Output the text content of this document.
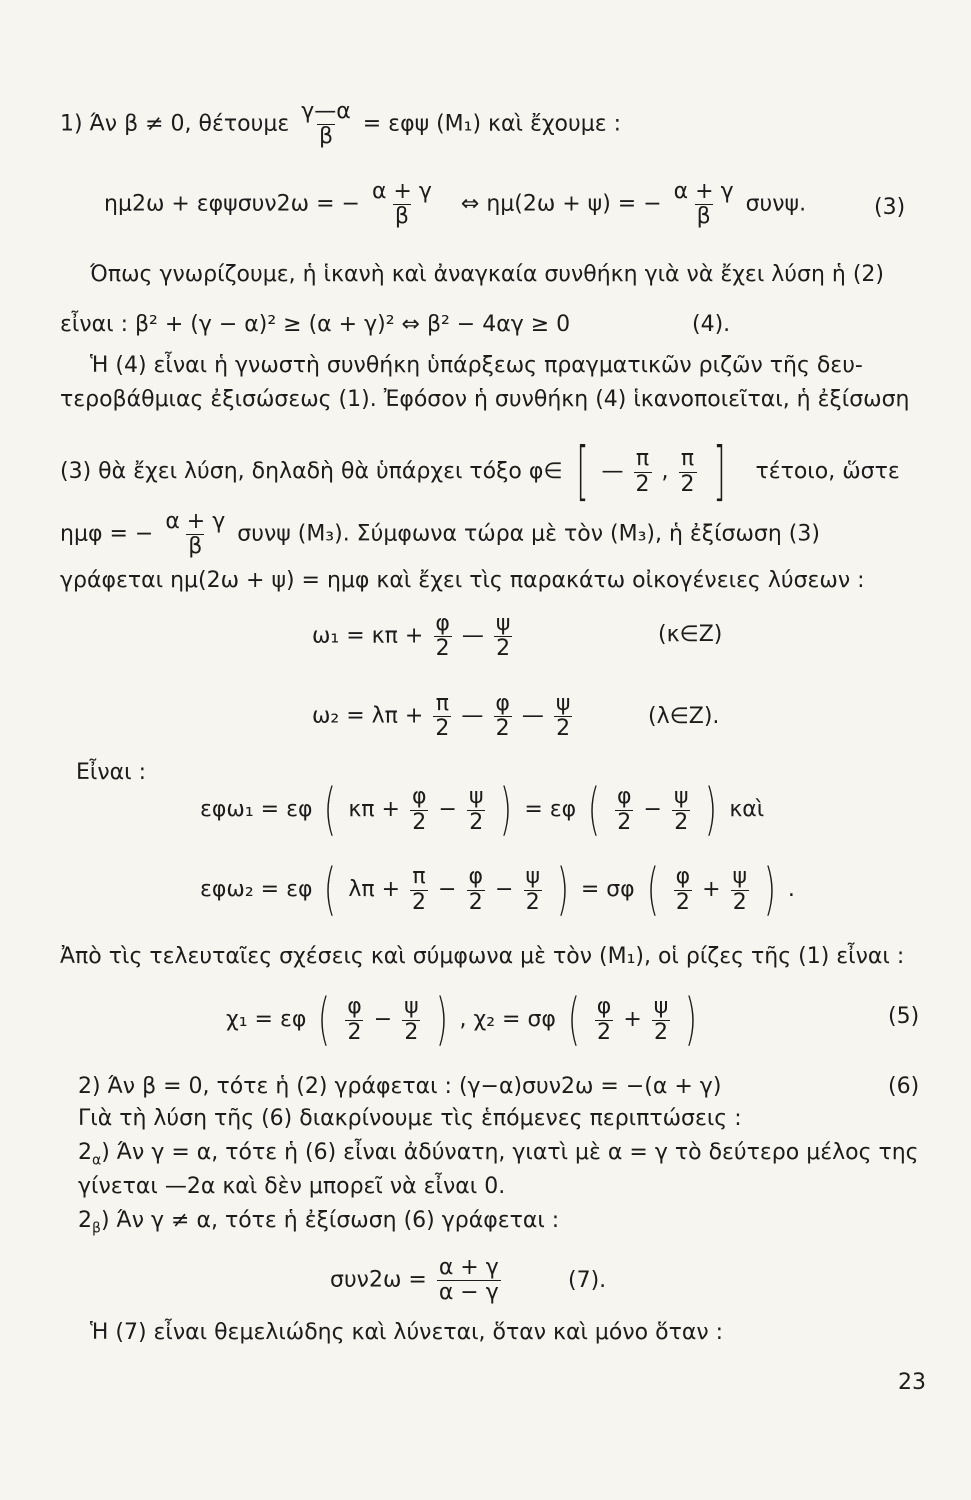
1) Άν β ≠ 0, θέτουμε $\frac{\gamma—\alpha}{\beta} = \varepsilon\varphi\psi$ (M₁) καὶ ἔχουμε :
ημ2ω + εφψσυν2ω = − $\frac{\alpha + \gamma}{\beta}$ ⇔ ημ(2ω + ψ) = − $\frac{\alpha + \gamma}{\beta} \sigma\upsilon\nu\psi$.	(3)
Όπως γνωρίζουμε, ἡ ἱκανὴ καὶ ἀναγκαία συνθήκη γιὰ νὰ ἔχει λύση ἡ (2)
εἶναι : β² + (γ − α)² ≥ (α + γ)² ⇔ β² − 4αγ ≥ 0	(4).
Ἡ (4) εἶναι ἡ γνωστὴ συνθήκη ὑπάρξεως πραγματικῶν ριζῶν τῆς δευ-
τεροβάθμιας ἐξισώσεως (1). Ἐφόσον ἡ συνθήκη (4) ἱκανοποιεῖται, ἡ ἐξίσωση
(3) θὰ ἔχει λύση, δηλαδὴ θὰ ὑπάρχει τόξο φ∈ [ — $\frac{\pi}{2}$ , $\frac{\pi}{2}$ ] τέτοιο, ὥστε
ημφ = − $\frac{\alpha + \gamma}{\beta}$ συνψ (M₃). Σύμφωνα τώρα μὲ τὸν (M₃), ἡ ἐξίσωση (3)
γράφεται ημ(2ω + ψ) = ημφ καὶ ἔχει τὶς παρακάτω οἰκογένειες λύσεων :
$\omega_1 = \kappa\pi + \frac{\varphi}{2}$ — $\frac{\psi}{2}$	(κ∈Z)
$\omega_2 = \lambda\pi + \frac{\pi}{2}$ — $\frac{\varphi}{2}$ — $\frac{\psi}{2}$	(λ∈Z).
Εἶναι :
εφω₁ = εφ ( $\kappa\pi + \frac{\varphi}{2} - \frac{\psi}{2}$ ) = εφ ( $\frac{\varphi}{2} - \frac{\psi}{2}$ ) καὶ
εφω₂ = εφ ( $\lambda\pi + \frac{\pi}{2} - \frac{\varphi}{2} - \frac{\psi}{2}$ ) = σφ ( $\frac{\varphi}{2} + \frac{\psi}{2}$ ) .
Ἀπὸ τὶς τελευταῖες σχέσεις καὶ σύμφωνα μὲ τὸν (M₁), οἱ ρίζες τῆς (1) εἶναι :
χ₁ = εφ ( $\frac{\varphi}{2} - \frac{\psi}{2}$ ) , χ₂ = σφ ( $\frac{\varphi}{2} + \frac{\psi}{2}$ )	(5)
2) Άν β = 0, τότε ἡ (2) γράφεται : (γ−α)συν2ω = −(α + γ)	(6)
Γιὰ τὴ λύση τῆς (6) διακρίνουμε τὶς ἑπόμενες περιπτώσεις :
$2_\alpha$) Άν γ = α, τότε ἡ (6) εἶναι ἀδύνατη, γιατὶ μὲ α = γ τὸ δεύτερο μέλος της
γίνεται —2α καὶ δὲν μπορεῖ νὰ εἶναι 0.
$2_\beta$) Άν γ ≠ α, τότε ἡ ἐξίσωση (6) γράφεται :
$\sigma\upsilon\nu 2\omega = \frac{\alpha + \gamma}{\alpha - \gamma}$	(7).
Ἡ (7) εἶναι θεμελιώδης καὶ λύνεται, ὅταν καὶ μόνο ὅταν :
23
